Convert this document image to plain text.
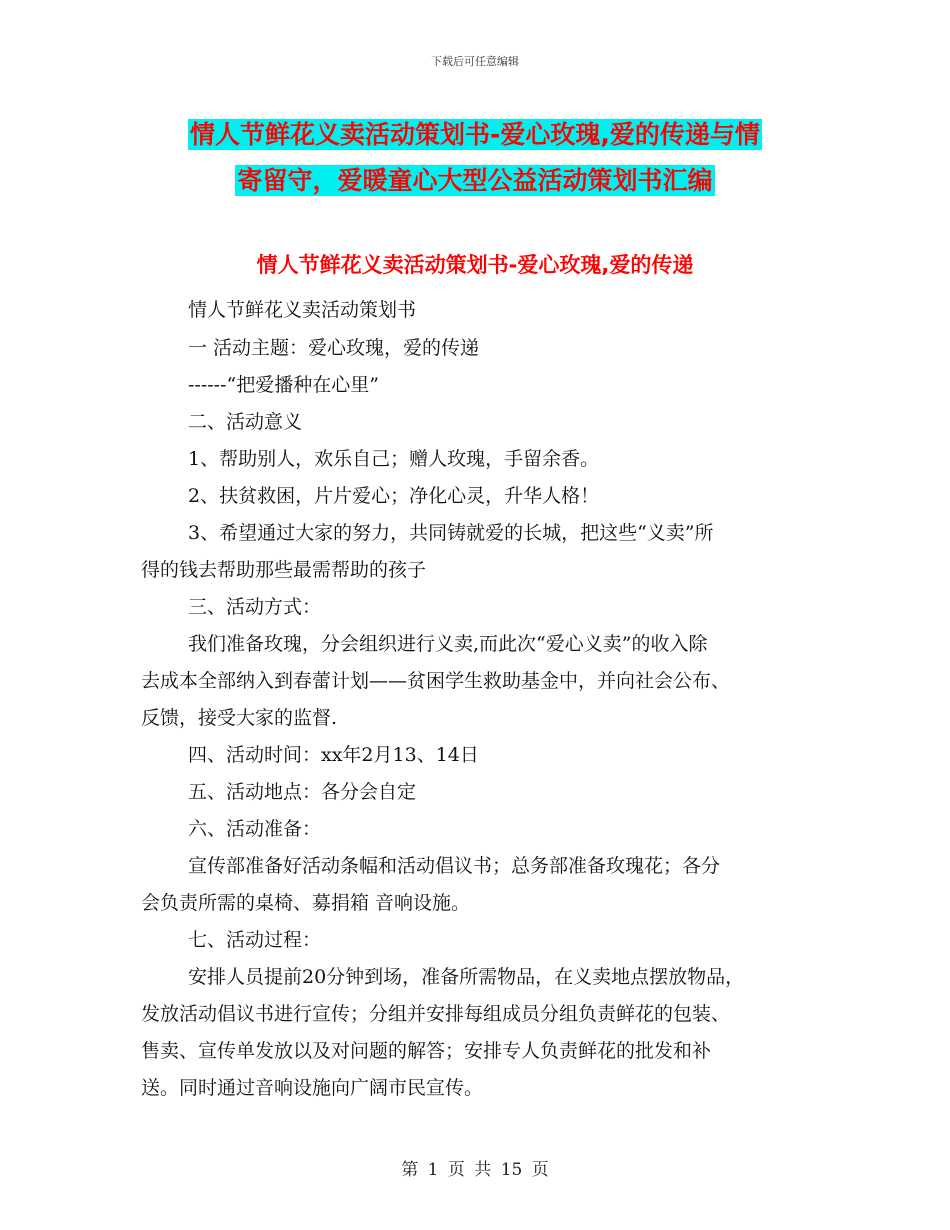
下载后可任意编辑
情人节鲜花义卖活动策划书-爱心玫瑰,爱的传递与情
寄留守，爱暖童心大型公益活动策划书汇编
情人节鲜花义卖活动策划书-爱心玫瑰,爱的传递
情人节鲜花义卖活动策划书
一 活动主题：爱心玫瑰，爱的传递
------“把爱播种在心里”
二、活动意义
1、帮助别人，欢乐自己；赠人玫瑰，手留余香。
2、扶贫救困，片片爱心；净化心灵，升华人格！
3、希望通过大家的努力，共同铸就爱的长城，把这些“义卖”所
得的钱去帮助那些最需帮助的孩子
三、活动方式：
我们准备玫瑰，分会组织进行义卖,而此次“爱心义卖”的收入除
去成本全部纳入到春蕾计划——贫困学生救助基金中，并向社会公布、
反馈，接受大家的监督.
四、活动时间：xx年2月13、14日
五、活动地点：各分会自定
六、活动准备：
宣传部准备好活动条幅和活动倡议书；总务部准备玫瑰花；各分
会负责所需的桌椅、募捐箱 音响设施。
七、活动过程：
安排人员提前20分钟到场，准备所需物品，在义卖地点摆放物品，
发放活动倡议书进行宣传；分组并安排每组成员分组负责鲜花的包装、
售卖、宣传单发放以及对问题的解答；安排专人负责鲜花的批发和补
送。同时通过音响设施向广阔市民宣传。
第 1 页 共 15 页
